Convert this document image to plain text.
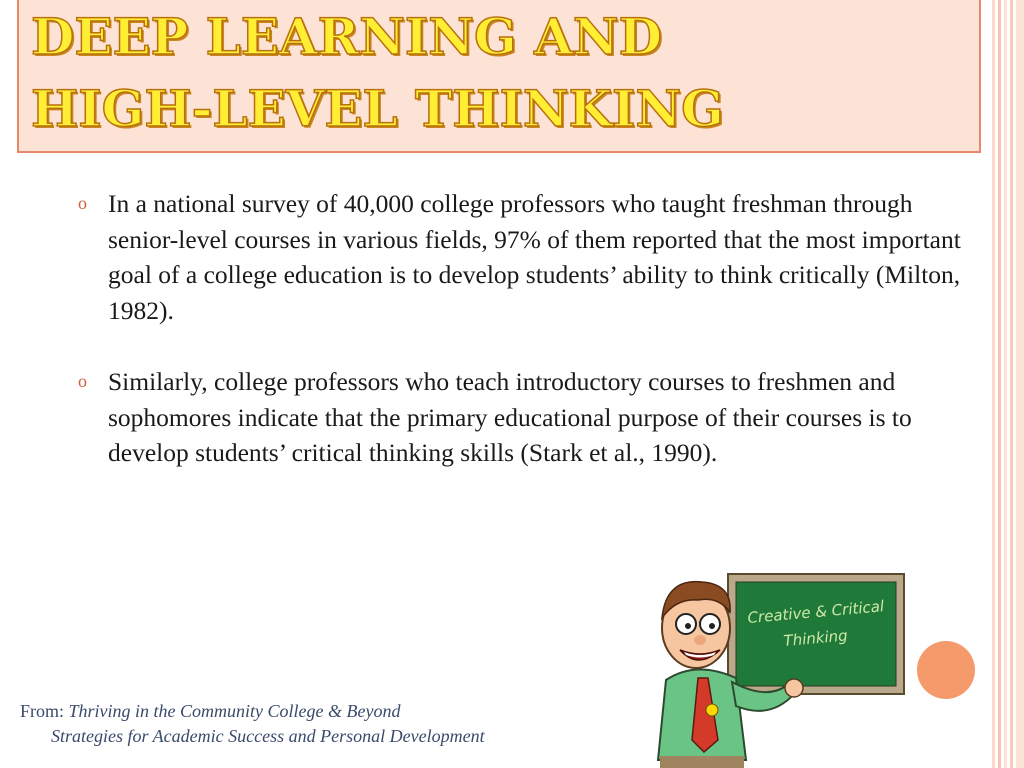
DEEP LEARNING AND
HIGH-LEVEL THINKING
o In a national survey of 40,000 college professors who taught freshman through senior-level courses in various fields, 97% of them reported that the most important goal of a college education is to develop students’ ability to think critically (Milton, 1982).
o Similarly, college professors who teach introductory courses to freshmen and sophomores indicate that the primary educational purpose of their courses is to develop students’ critical thinking skills (Stark et al., 1990).
From: Thriving in the Community College & Beyond
Strategies for Academic Success and Personal Development
Creative & Critical
Thinking
